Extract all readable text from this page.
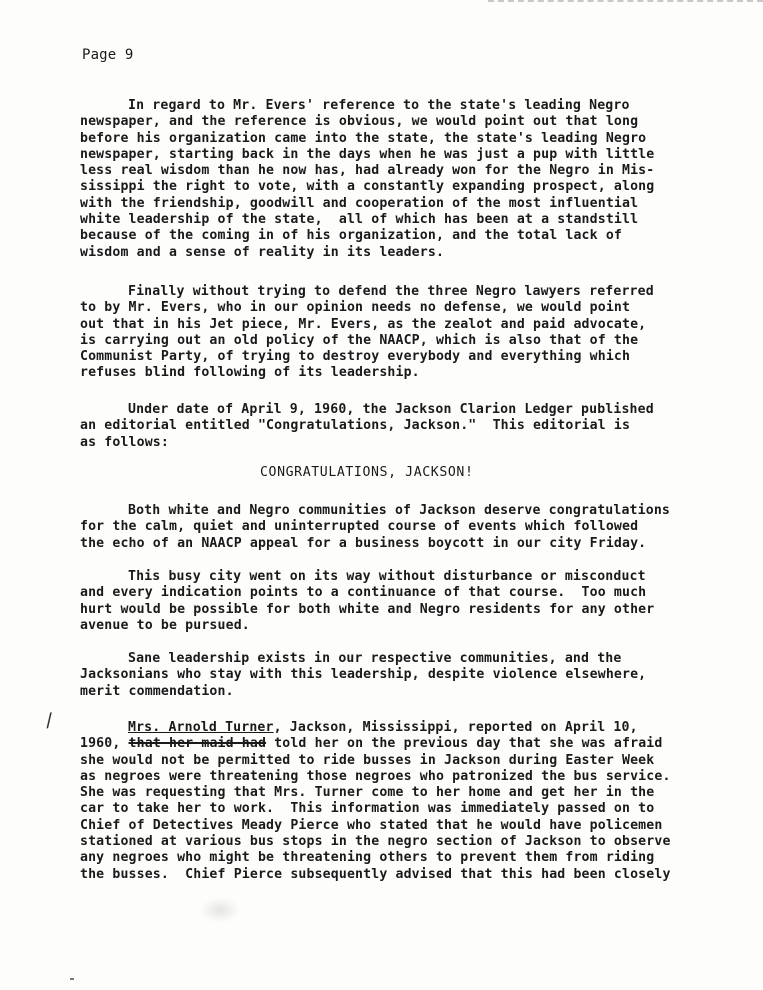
Page 9
In regard to Mr. Evers' reference to the state's leading Negro
newspaper, and the reference is obvious, we would point out that long
before his organization came into the state, the state's leading Negro
newspaper, starting back in the days when he was just a pup with little
less real wisdom than he now has, had already won for the Negro in Mis-
sissippi the right to vote, with a constantly expanding prospect, along
with the friendship, goodwill and cooperation of the most influential
white leadership of the state,  all of which has been at a standstill
because of the coming in of his organization, and the total lack of
wisdom and a sense of reality in its leaders.
Finally without trying to defend the three Negro lawyers referred
to by Mr. Evers, who in our opinion needs no defense, we would point
out that in his Jet piece, Mr. Evers, as the zealot and paid advocate,
is carrying out an old policy of the NAACP, which is also that of the
Communist Party, of trying to destroy everybody and everything which
refuses blind following of its leadership.
Under date of April 9, 1960, the Jackson Clarion Ledger published
an editorial entitled "Congratulations, Jackson."  This editorial is
as follows:
CONGRATULATIONS, JACKSON!
Both white and Negro communities of Jackson deserve congratulations
for the calm, quiet and uninterrupted course of events which followed
the echo of an NAACP appeal for a business boycott in our city Friday.
This busy city went on its way without disturbance or misconduct
and every indication points to a continuance of that course.  Too much
hurt would be possible for both white and Negro residents for any other
avenue to be pursued.
Sane leadership exists in our respective communities, and the
Jacksonians who stay with this leadership, despite violence elsewhere,
merit commendation.
/	Mrs. Arnold Turner, Jackson, Mississippi, reported on April 10,
1960, that her maid had told her on the previous day that she was afraid
she would not be permitted to ride busses in Jackson during Easter Week
as negroes were threatening those negroes who patronized the bus service.
She was requesting that Mrs. Turner come to her home and get her in the
car to take her to work.  This information was immediately passed on to
Chief of Detectives Meady Pierce who stated that he would have policemen
stationed at various bus stops in the negro section of Jackson to observe
any negroes who might be threatening others to prevent them from riding
the busses.  Chief Pierce subsequently advised that this had been closely
